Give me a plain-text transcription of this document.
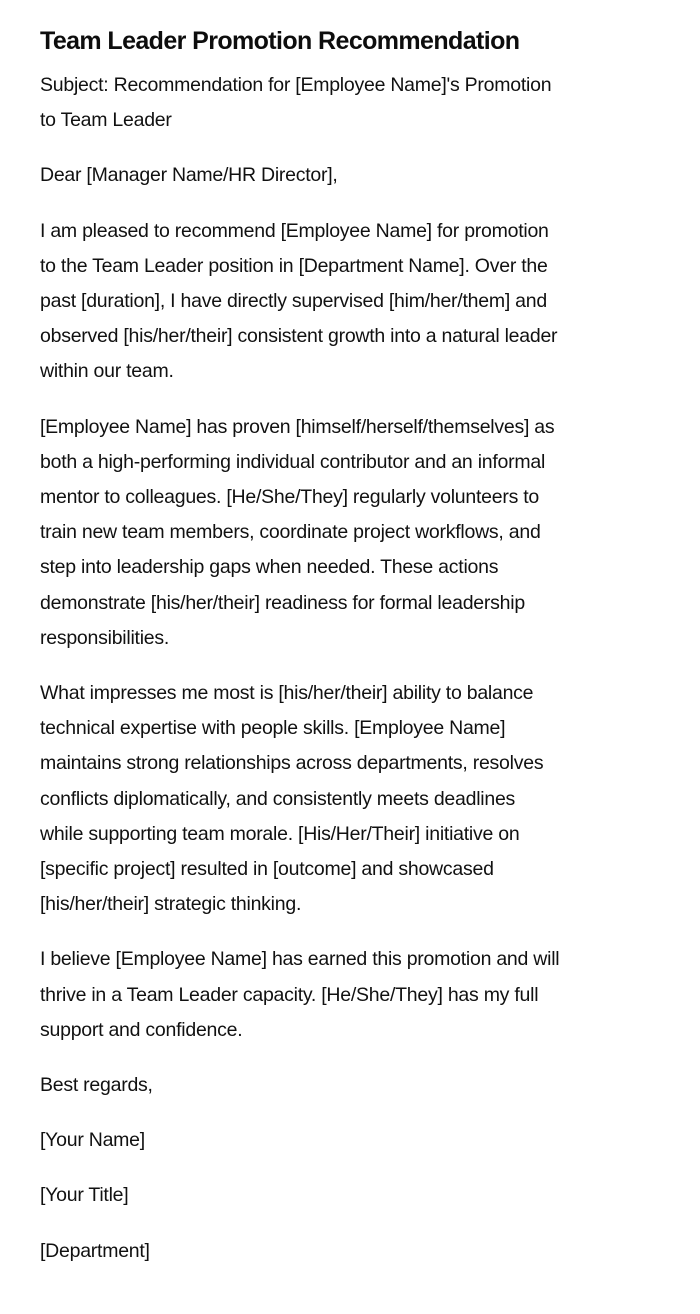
Team Leader Promotion Recommendation

Subject: Recommendation for [Employee Name]'s Promotion
to Team Leader

Dear [Manager Name/HR Director],

I am pleased to recommend [Employee Name] for promotion
to the Team Leader position in [Department Name]. Over the
past [duration], I have directly supervised [him/her/them] and
observed [his/her/their] consistent growth into a natural leader
within our team.

[Employee Name] has proven [himself/herself/themselves] as
both a high-performing individual contributor and an informal
mentor to colleagues. [He/She/They] regularly volunteers to
train new team members, coordinate project workflows, and
step into leadership gaps when needed. These actions
demonstrate [his/her/their] readiness for formal leadership
responsibilities.

What impresses me most is [his/her/their] ability to balance
technical expertise with people skills. [Employee Name]
maintains strong relationships across departments, resolves
conflicts diplomatically, and consistently meets deadlines
while supporting team morale. [His/Her/Their] initiative on
[specific project] resulted in [outcome] and showcased
[his/her/their] strategic thinking.

I believe [Employee Name] has earned this promotion and will
thrive in a Team Leader capacity. [He/She/They] has my full
support and confidence.

Best regards,

[Your Name]

[Your Title]

[Department]
